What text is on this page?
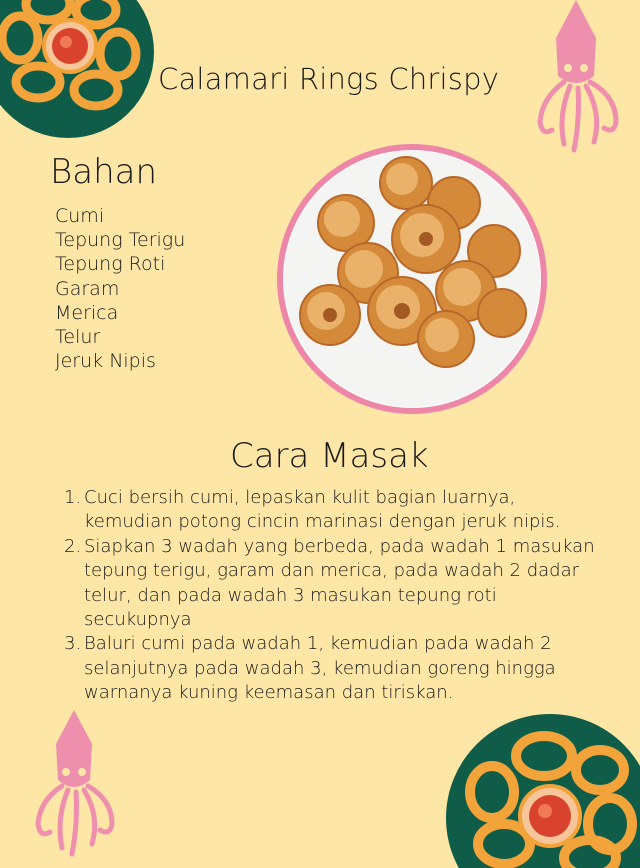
Calamari Rings Chrispy
Bahan
Cumi
Tepung Terigu
Tepung Roti
Garam
Merica
Telur
Jeruk Nipis
Cara Masak
1. Cuci bersih cumi, lepaskan kulit bagian luarnya, kemudian potong cincin marinasi dengan jeruk nipis.
2. Siapkan 3 wadah yang berbeda, pada wadah 1 masukan tepung terigu, garam dan merica, pada wadah 2 dadar telur, dan pada wadah 3 masukan tepung roti secukupnya
3. Baluri cumi pada wadah 1, kemudian pada wadah 2 selanjutnya pada wadah 3, kemudian goreng hingga warnanya kuning keemasan dan tiriskan.
